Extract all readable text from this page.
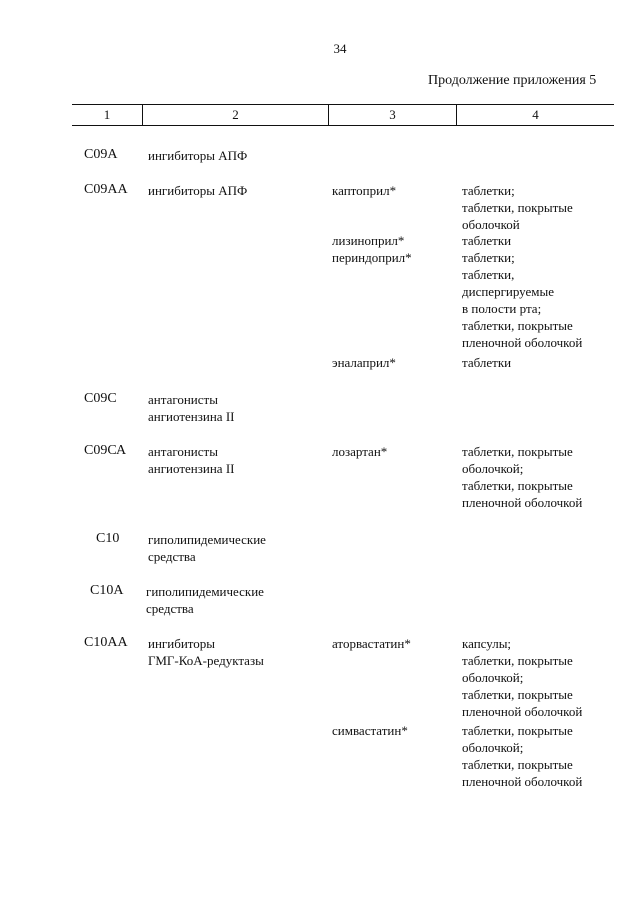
34
Продолжение приложения 5
1	2	3	4
С09А ингибиторы АПФ
С09АА ингибиторы АПФ	каптоприл*	таблетки;
таблетки, покрытые
оболочкой
лизиноприл*	таблетки
периндоприл*	таблетки;
таблетки,
диспергируемые
в полости рта;
таблетки, покрытые
пленочной оболочкой
эналаприл*	таблетки
С09С антагонисты
ангиотензина II
С09СА антагонисты
ангиотензина II
лозартан*	таблетки, покрытые
оболочкой;
таблетки, покрытые
пленочной оболочкой
С10 гиполипидемические
средства
С10А гиполипидемические
средства
С10АА ингибиторы
ГМГ-КоА-редуктазы
аторвастатин*	капсулы;
таблетки, покрытые
оболочкой;
таблетки, покрытые
пленочной оболочкой
симвастатин*	таблетки, покрытые
оболочкой;
таблетки, покрытые
пленочной оболочкой
